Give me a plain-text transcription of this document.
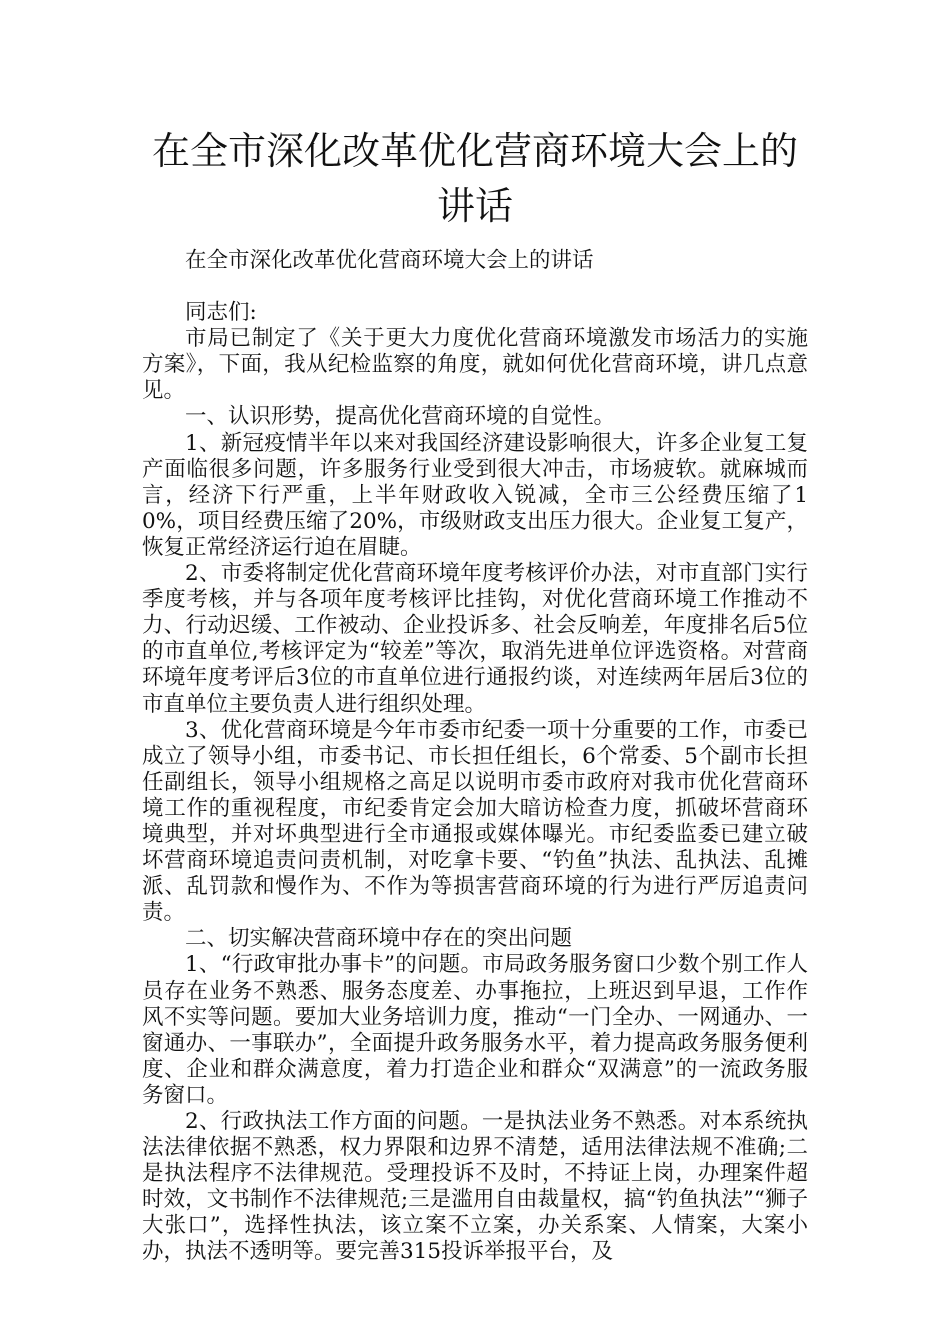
在全市深化改革优化营商环境大会上的讲话

在全市深化改革优化营商环境大会上的讲话

同志们:

市局已制定了《关于更大力度优化营商环境激发市场活力的实施方案》，下面，我从纪检监察的角度，就如何优化营商环境，讲几点意见。

一、认识形势，提高优化营商环境的自觉性。

1、新冠疫情半年以来对我国经济建设影响很大，许多企业复工复产面临很多问题，许多服务行业受到很大冲击，市场疲软。就麻城而言，经济下行严重，上半年财政收入锐减，全市三公经费压缩了10%，项目经费压缩了20%，市级财政支出压力很大。企业复工复产，恢复正常经济运行迫在眉睫。

2、市委将制定优化营商环境年度考核评价办法，对市直部门实行季度考核，并与各项年度考核评比挂钩，对优化营商环境工作推动不力、行动迟缓、工作被动、企业投诉多、社会反响差，年度排名后5位的市直单位,考核评定为“较差”等次，取消先进单位评选资格。对营商环境年度考评后3位的市直单位进行通报约谈，对连续两年居后3位的市直单位主要负责人进行组织处理。

3、优化营商环境是今年市委市纪委一项十分重要的工作，市委已成立了领导小组，市委书记、市长担任组长，6个常委、5个副市长担任副组长，领导小组规格之高足以说明市委市政府对我市优化营商环境工作的重视程度，市纪委肯定会加大暗访检查力度，抓破坏营商环境典型，并对坏典型进行全市通报或媒体曝光。市纪委监委已建立破坏营商环境追责问责机制，对吃拿卡要、“钓鱼”执法、乱执法、乱摊派、乱罚款和慢作为、不作为等损害营商环境的行为进行严厉追责问责。

二、切实解决营商环境中存在的突出问题

1、“行政审批办事卡”的问题。市局政务服务窗口少数个别工作人员存在业务不熟悉、服务态度差、办事拖拉，上班迟到早退，工作作风不实等问题。要加大业务培训力度，推动“一门全办、一网通办、一窗通办、一事联办”，全面提升政务服务水平，着力提高政务服务便利度、企业和群众满意度，着力打造企业和群众“双满意”的一流政务服务窗口。

2、行政执法工作方面的问题。一是执法业务不熟悉。对本系统执法法律依据不熟悉，权力界限和边界不清楚，适用法律法规不准确;二是执法程序不法律规范。受理投诉不及时，不持证上岗，办理案件超时效，文书制作不法律规范;三是滥用自由裁量权，搞“钓鱼执法”“狮子大张口”，选择性执法，该立案不立案，办关系案、人情案，大案小办，执法不透明等。要完善315投诉举报平台，及
